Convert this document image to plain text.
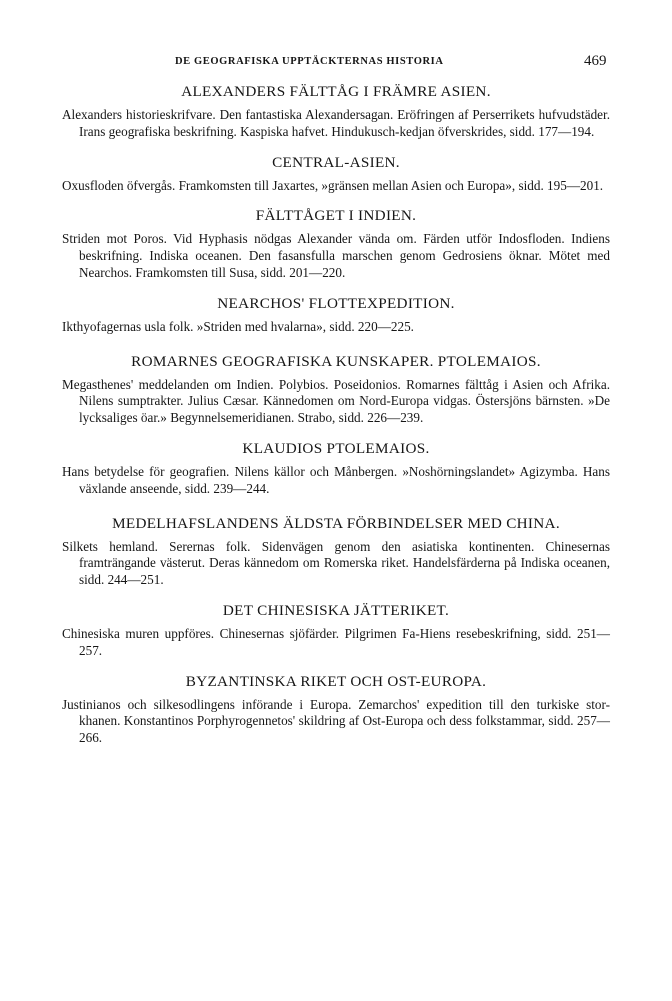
DE GEOGRAFISKA UPPTÄCKTERNAS HISTORIA	469
ALEXANDERS FÄLTTÅG I FRÄMRE ASIEN.

Alexanders historieskrifvare. Den fantastiska Alexandersagan. Eröfringen af Perserrikets hufvudstäder. Irans geografiska beskrifning. Kaspiska hafvet. Hindukusch-kedjan öfverskrides, sidd. 177—194.

CENTRAL-ASIEN.

Oxusfloden öfvergås. Framkomsten till Jaxartes, »gränsen mellan Asien och Europa», sidd. 195—201.

FÄLTTÅGET I INDIEN.

Striden mot Poros. Vid Hyphasis nödgas Alexander vända om. Färden utför Indosfloden. Indiens beskrifning. Indiska oceanen. Den fasansfulla marschen genom Gedrosiens öknar. Mötet med Nearchos. Framkomsten till Susa, sidd. 201—220.

NEARCHOS' FLOTTEXPEDITION.

Ikthyofagernas usla folk. »Striden med hvalarna», sidd. 220—225.

ROMARNES GEOGRAFISKA KUNSKAPER. PTOLEMAIOS.

Megasthenes' meddelanden om Indien. Polybios. Poseidonios. Romarnes fälttåg i Asien och Afrika. Nilens sumptrakter. Julius Cæsar. Kännedomen om Nord-Europa vidgas. Östersjöns bärnsten. »De lycksaliges öar.» Begynnelsemeridianen. Strabo, sidd. 226—239.

KLAUDIOS PTOLEMAIOS.

Hans betydelse för geografien. Nilens källor och Månbergen. »Noshörningslandet» Agizymba. Hans växlande anseende, sidd. 239—244.

MEDELHAFSLANDENS ÄLDSTA FÖRBINDELSER MED CHINA.

Silkets hemland. Serernas folk. Sidenvägen genom den asiatiska kontinenten. Chinesernas framträngande västerut. Deras kännedom om Romerska riket. Handelsfärderna på Indiska oceanen, sidd. 244—251.

DET CHINESISKA JÄTTERIKET.

Chinesiska muren uppföres. Chinesernas sjöfärder. Pilgrimen Fa-Hiens resebeskrifning, sidd. 251—257.

BYZANTINSKA RIKET OCH OST-EUROPA.

Justinianos och silkesodlingens införande i Europa. Zemarchos' expedition till den turkiske stor-khanen. Konstantinos Porphyrogennetos' skildring af Ost-Europa och dess folkstammar, sidd. 257—266.
